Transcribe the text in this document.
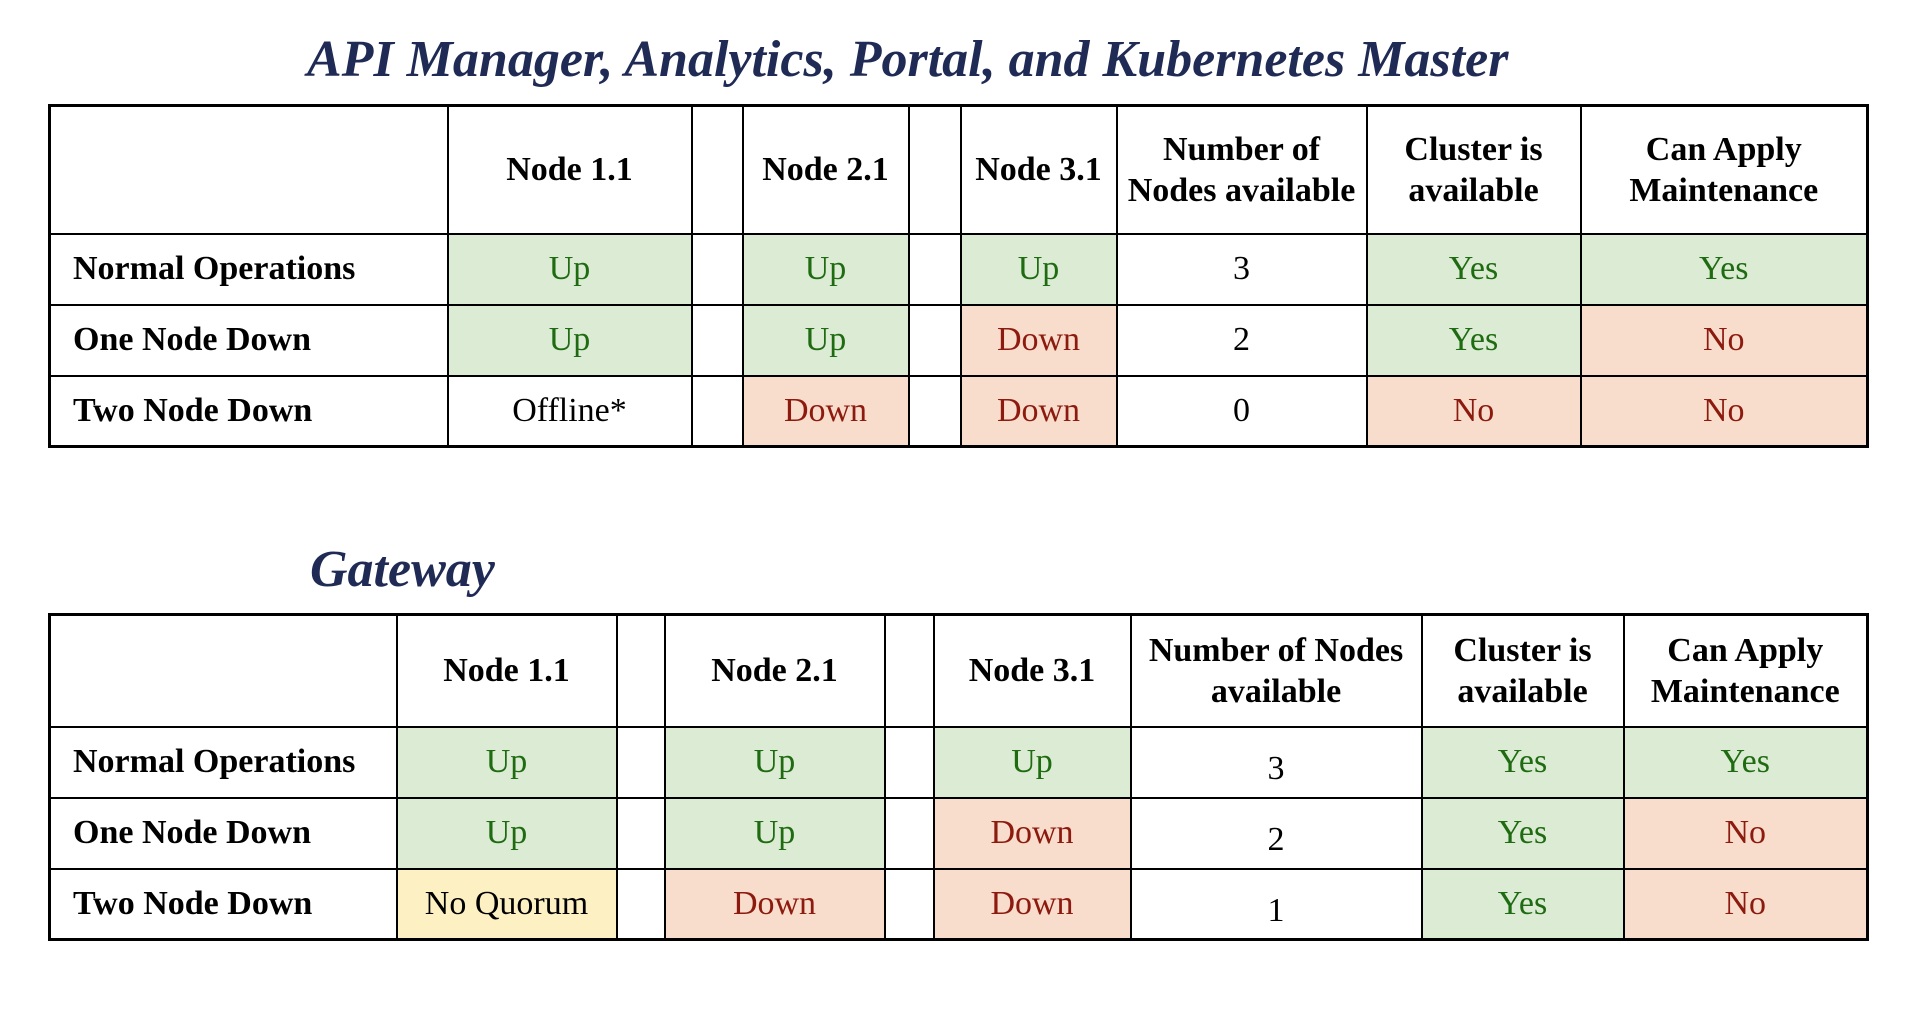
API Manager, Analytics, Portal, and Kubernetes Master
	Node 1.1		Node 2.1		Node 3.1	Number of Nodes available	Cluster is available	Can Apply Maintenance
Normal Operations	Up		Up		Up	3	Yes	Yes
One Node Down	Up		Up		Down	2	Yes	No
Two Node Down	Offline*		Down		Down	0	No	No
Gateway
	Node 1.1		Node 2.1		Node 3.1	Number of Nodes available	Cluster is available	Can Apply Maintenance
Normal Operations	Up		Up		Up	3	Yes	Yes
One Node Down	Up		Up		Down	2	Yes	No
Two Node Down	No Quorum		Down		Down	1	Yes	No
